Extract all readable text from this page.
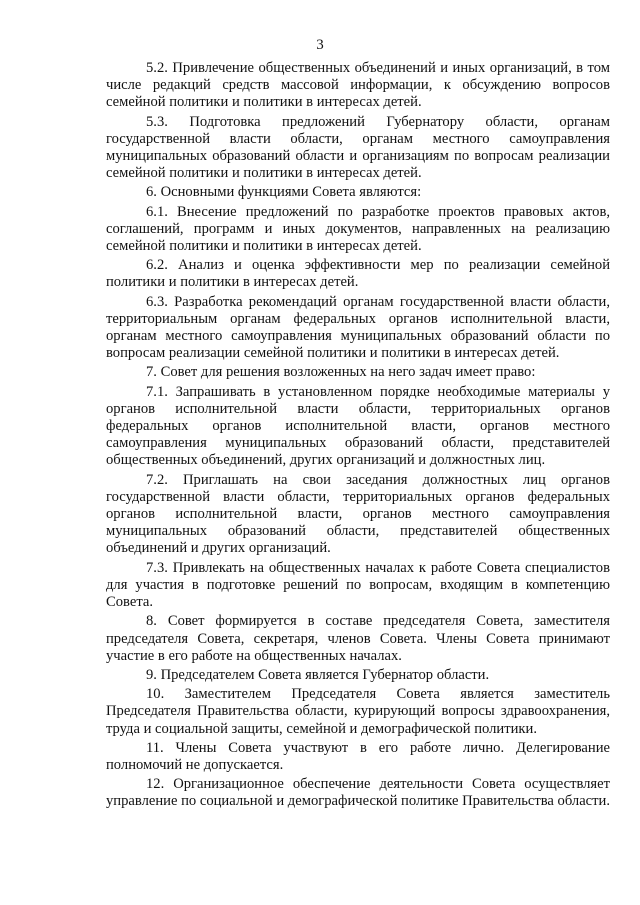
3

5.2. Привлечение общественных объединений и иных организаций, в том числе редакций средств массовой информации, к обсуждению вопросов семейной политики и политики в интересах детей.

5.3. Подготовка предложений Губернатору области, органам государственной власти области, органам местного самоуправления муниципальных образований области и организациям по вопросам реализации семейной политики и политики в интересах детей.

6. Основными функциями Совета являются:

6.1. Внесение предложений по разработке проектов правовых актов, соглашений, программ и иных документов, направленных на реализацию семейной политики и политики в интересах детей.

6.2. Анализ и оценка эффективности мер по реализации семейной политики и политики в интересах детей.

6.3. Разработка рекомендаций органам государственной власти области, территориальным органам федеральных органов исполнительной власти, органам местного самоуправления муниципальных образований области по вопросам реализации семейной политики и политики в интересах детей.

7. Совет для решения возложенных на него задач имеет право:

7.1. Запрашивать в установленном порядке необходимые материалы у органов исполнительной власти области, территориальных органов федеральных органов исполнительной власти, органов местного самоуправления муниципальных образований области, представителей общественных объединений, других организаций и должностных лиц.

7.2. Приглашать на свои заседания должностных лиц органов государственной власти области, территориальных органов федеральных органов исполнительной власти, органов местного самоуправления муниципальных образований области, представителей общественных объединений и других организаций.

7.3. Привлекать на общественных началах к работе Совета специалистов для участия в подготовке решений по вопросам, входящим в компетенцию Совета.

8. Совет формируется в составе председателя Совета, заместителя председателя Совета, секретаря, членов Совета. Члены Совета принимают участие в его работе на общественных началах.

9. Председателем Совета является Губернатор области.

10. Заместителем Председателя Совета является заместитель Председателя Правительства области, курирующий вопросы здравоохранения, труда и социальной защиты, семейной и демографической политики.

11. Члены Совета участвуют в его работе лично. Делегирование полномочий не допускается.

12. Организационное обеспечение деятельности Совета осуществляет управление по социальной и демографической политике Правительства области.
